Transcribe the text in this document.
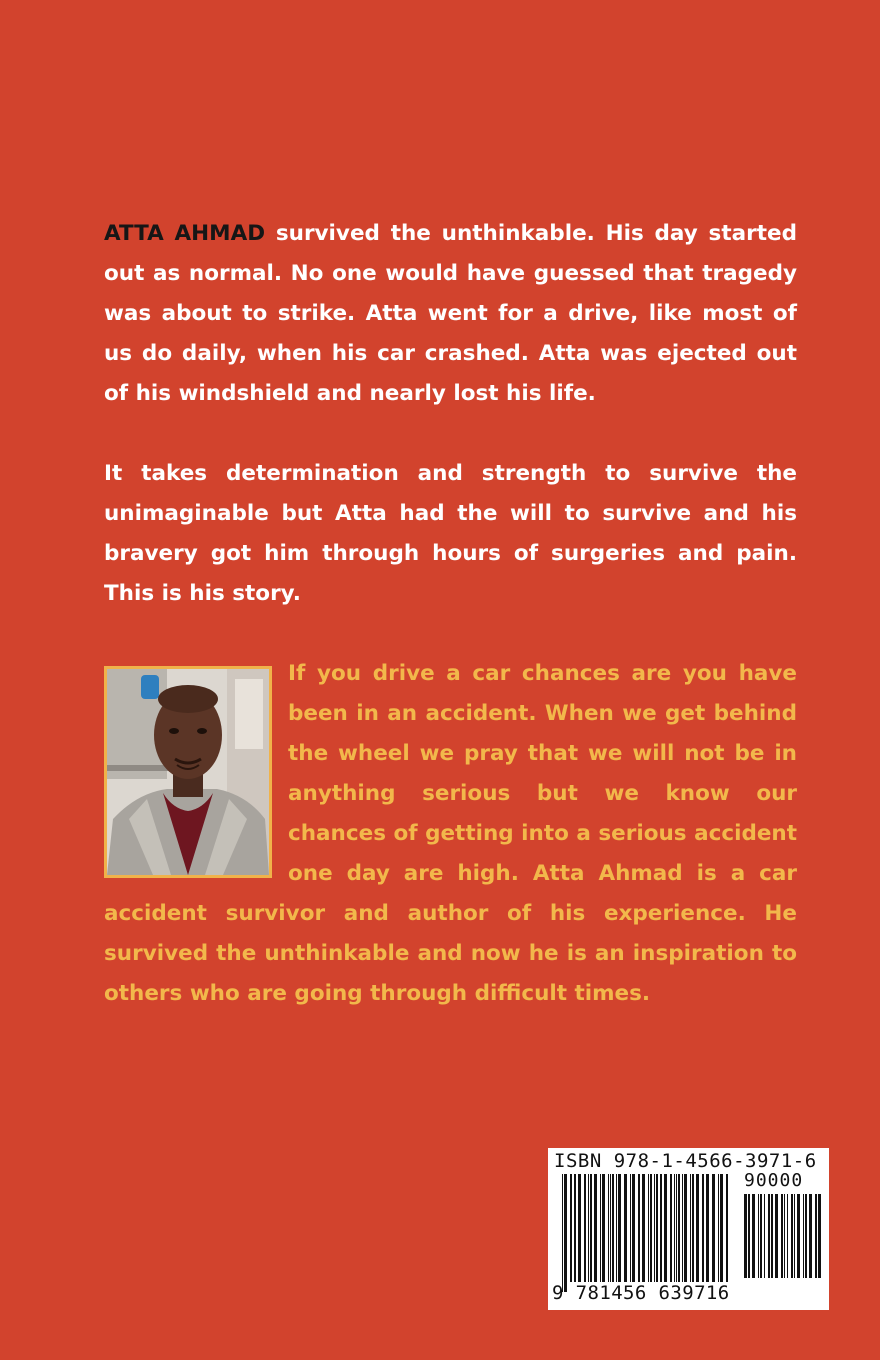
ATTA AHMAD survived the unthinkable. His day started out as normal. No one would have guessed that tragedy was about to strike. Atta went for a drive, like most of us do daily, when his car crashed. Atta was ejected out of his windshield and nearly lost his life.

It takes determination and strength to survive the unimaginable but Atta had the will to survive and his bravery got him through hours of surgeries and pain. This is his story.

If you drive a car chances are you have been in an accident. When we get behind the wheel we pray that we will not be in anything serious but we know our chances of getting into a serious accident one day are high. Atta Ahmad is a car accident survivor and author of his experience. He survived the unthinkable and now he is an inspiration to others who are going through difficult times.
ISBN 978-1-4566-3971-6
90000
9 781456 639716
